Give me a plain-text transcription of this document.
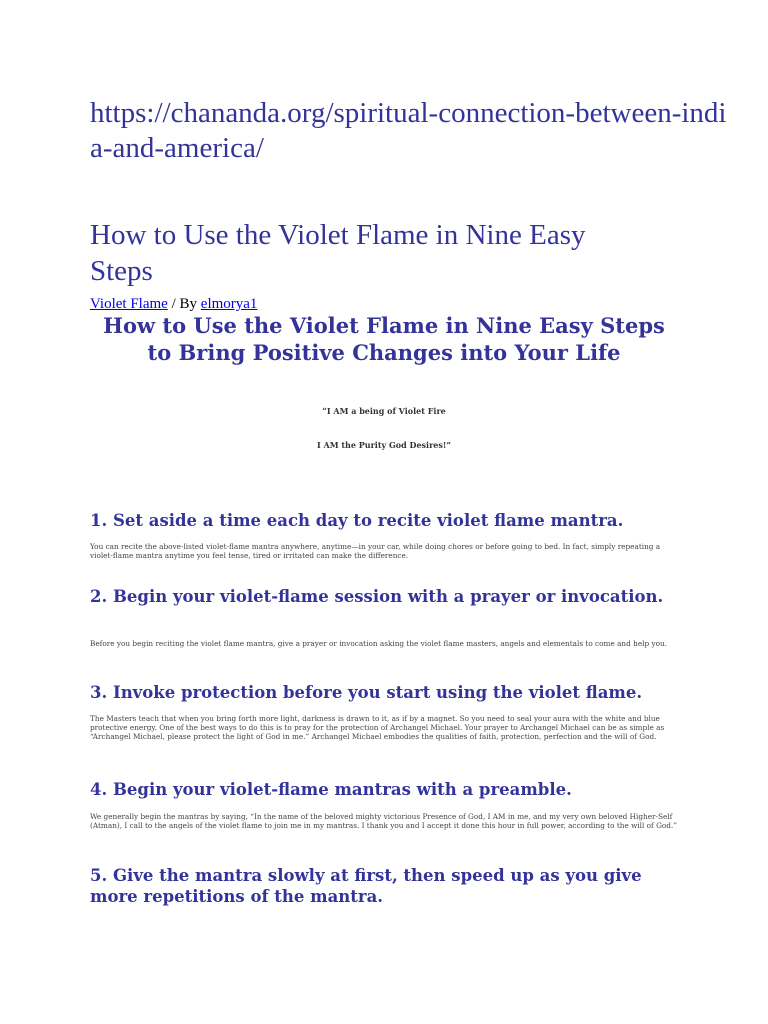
https://chananda.org/spiritual-connection-between-india-and-america/
How to Use the Violet Flame in Nine Easy Steps

Violet Flame / By elmorya1

How to Use the Violet Flame in Nine Easy Steps to Bring Positive Changes into Your Life

“I AM a being of Violet Fire

I AM the Purity God Desires!”

1. Set aside a time each day to recite violet flame mantra.

You can recite the above-listed violet-flame mantra anywhere, anytime—in your car, while doing chores or before going to bed. In fact, simply repeating a violet-flame mantra anytime you feel tense, tired or irritated can make the difference.

2. Begin your violet-flame session with a prayer or invocation.

Before you begin reciting the violet flame mantra, give a prayer or invocation asking the violet flame masters, angels and elementals to come and help you.

3. Invoke protection before you start using the violet flame.

The Masters teach that when you bring forth more light, darkness is drawn to it, as if by a magnet. So you need to seal your aura with the white and blue protective energy. One of the best ways to do this is to pray for the protection of Archangel Michael. Your prayer to Archangel Michael can be as simple as “Archangel Michael, please protect the light of God in me.” Archangel Michael embodies the qualities of faith, protection, perfection and the will of God.

4. Begin your violet-flame mantras with a preamble.

We generally begin the mantras by saying, “In the name of the beloved mighty victorious Presence of God, I AM in me, and my very own beloved Higher-Self (Atman), I call to the angels of the violet flame to join me in my mantras. I thank you and I accept it done this hour in full power, according to the will of God.”

5. Give the mantra slowly at first, then speed up as you give more repetitions of the mantra.
